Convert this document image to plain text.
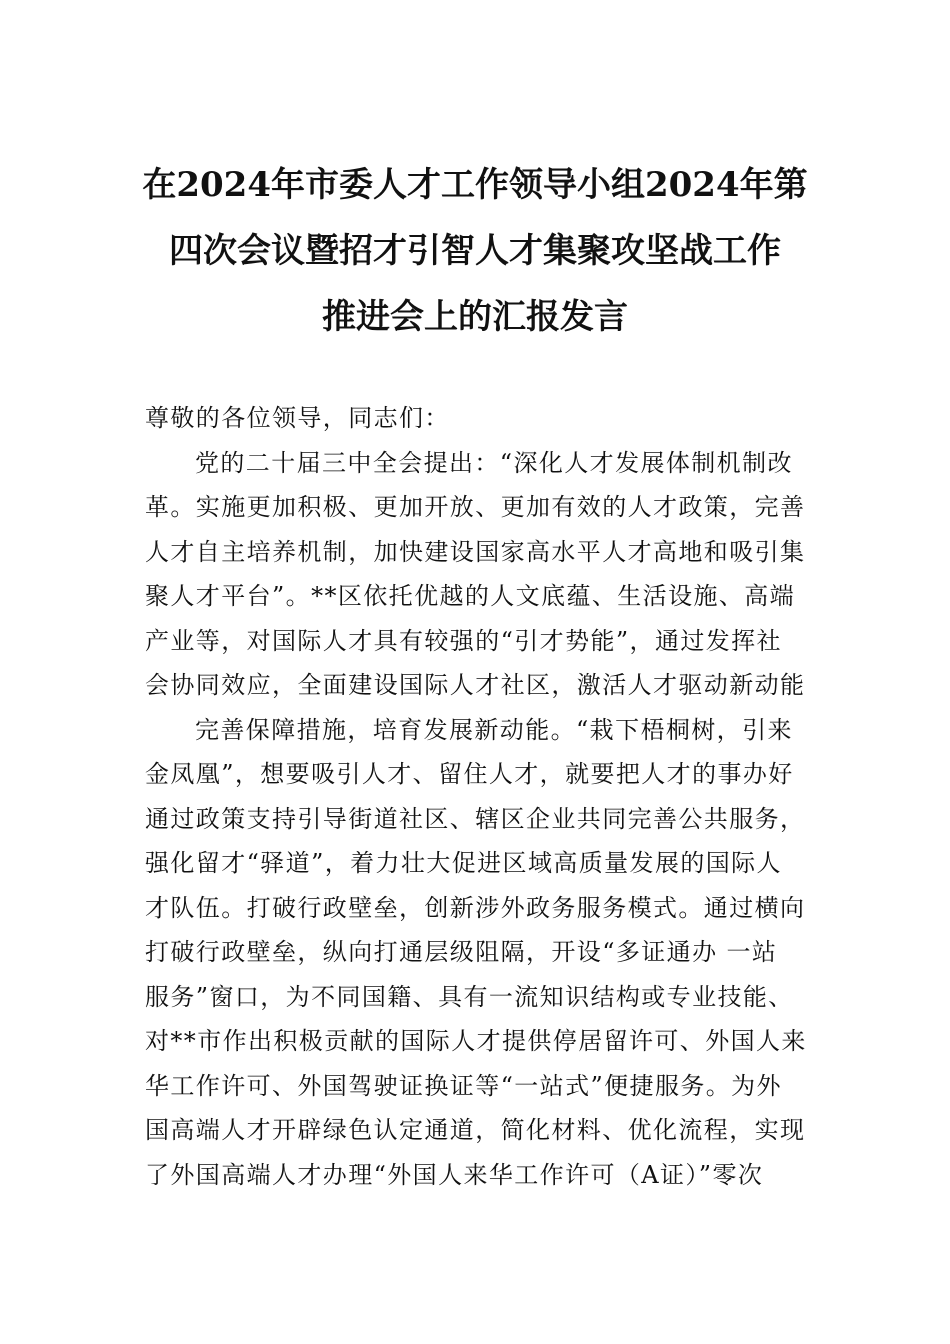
在2024年市委人才工作领导小组2024年第
四次会议暨招才引智人才集聚攻坚战工作
推进会上的汇报发言
尊敬的各位领导，同志们：
党的二十届三中全会提出：“深化人才发展体制机制改
革。实施更加积极、更加开放、更加有效的人才政策，完善
人才自主培养机制，加快建设国家高水平人才高地和吸引集
聚人才平台”。**区依托优越的人文底蕴、生活设施、高端
产业等，对国际人才具有较强的“引才势能”，通过发挥社
会协同效应，全面建设国际人才社区，激活人才驱动新动能
完善保障措施，培育发展新动能。“栽下梧桐树，引来
金凤凰”，想要吸引人才、留住人才，就要把人才的事办好
通过政策支持引导街道社区、辖区企业共同完善公共服务，
强化留才“驿道”，着力壮大促进区域高质量发展的国际人
才队伍。打破行政壁垒，创新涉外政务服务模式。通过横向
打破行政壁垒，纵向打通层级阻隔，开设“多证通办 一站
服务”窗口，为不同国籍、具有一流知识结构或专业技能、
对**市作出积极贡献的国际人才提供停居留许可、外国人来
华工作许可、外国驾驶证换证等“一站式”便捷服务。为外
国高端人才开辟绿色认定通道，简化材料、优化流程，实现
了外国高端人才办理“外国人来华工作许可（A证）”零次
